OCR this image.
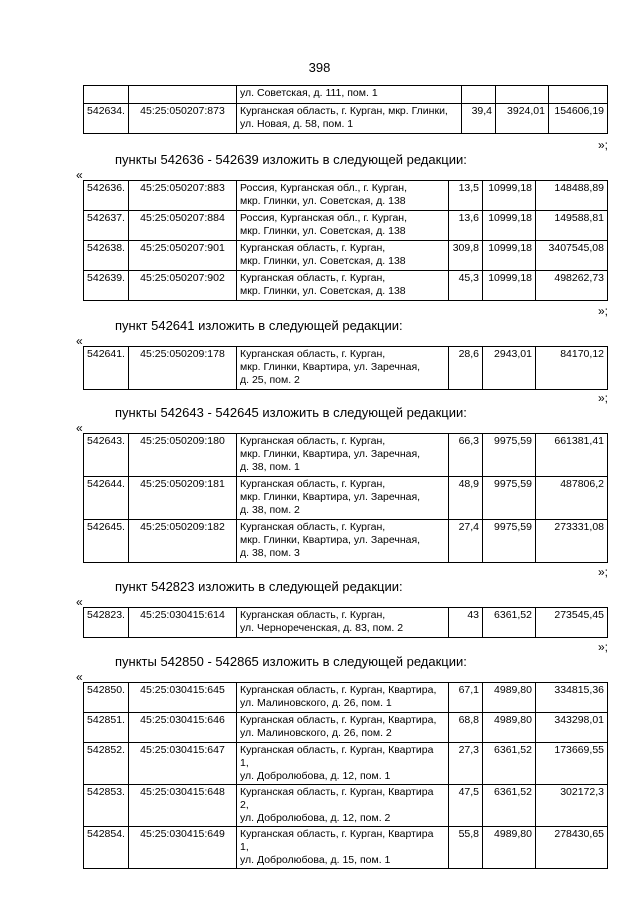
398
		ул. Советская, д. 111, пом. 1			
542634.	45:25:050207:873	Курганская область, г. Курган, мкр. Глинки,
ул. Новая, д. 58, пом. 1	39,4	3924,01	154606,19
»;
пункты 542636 - 542639 изложить в следующей редакции:
«
542636.	45:25:050207:883	Россия, Курганская обл., г. Курган,
мкр. Глинки, ул. Советская, д. 138	13,5	10999,18	148488,89
542637.	45:25:050207:884	Россия, Курганская обл., г. Курган,
мкр. Глинки, ул. Советская, д. 138	13,6	10999,18	149588,81
542638.	45:25:050207:901	Курганская область, г. Курган,
мкр. Глинки, ул. Советская, д. 138	309,8	10999,18	3407545,08
542639.	45:25:050207:902	Курганская область, г. Курган,
мкр. Глинки, ул. Советская, д. 138	45,3	10999,18	498262,73
»;
пункт 542641 изложить в следующей редакции:
«
542641.	45:25:050209:178	Курганская область, г. Курган,
мкр. Глинки, Квартира, ул. Заречная,
д. 25, пом. 2	28,6	2943,01	84170,12
»;
пункты 542643 - 542645 изложить в следующей редакции:
«
542643.	45:25:050209:180	Курганская область, г. Курган,
мкр. Глинки, Квартира, ул. Заречная,
д. 38, пом. 1	66,3	9975,59	661381,41
542644.	45:25:050209:181	Курганская область, г. Курган,
мкр. Глинки, Квартира, ул. Заречная,
д. 38, пом. 2	48,9	9975,59	487806,2
542645.	45:25:050209:182	Курганская область, г. Курган,
мкр. Глинки, Квартира, ул. Заречная,
д. 38, пом. 3	27,4	9975,59	273331,08
»;
пункт 542823 изложить в следующей редакции:
«
542823.	45:25:030415:614	Курганская область, г. Курган,
ул. Чернореченская, д. 83, пом. 2	43	6361,52	273545,45
»;
пункты 542850 - 542865 изложить в следующей редакции:
«
542850.	45:25:030415:645	Курганская область, г. Курган, Квартира,
ул. Малиновского, д. 26, пом. 1	67,1	4989,80	334815,36
542851.	45:25:030415:646	Курганская область, г. Курган, Квартира,
ул. Малиновского, д. 26, пом. 2	68,8	4989,80	343298,01
542852.	45:25:030415:647	Курганская область, г. Курган, Квартира 1,
ул. Добролюбова, д. 12, пом. 1	27,3	6361,52	173669,55
542853.	45:25:030415:648	Курганская область, г. Курган, Квартира 2,
ул. Добролюбова, д. 12, пом. 2	47,5	6361,52	302172,3
542854.	45:25:030415:649	Курганская область, г. Курган, Квартира 1,
ул. Добролюбова, д. 15, пом. 1	55,8	4989,80	278430,65
